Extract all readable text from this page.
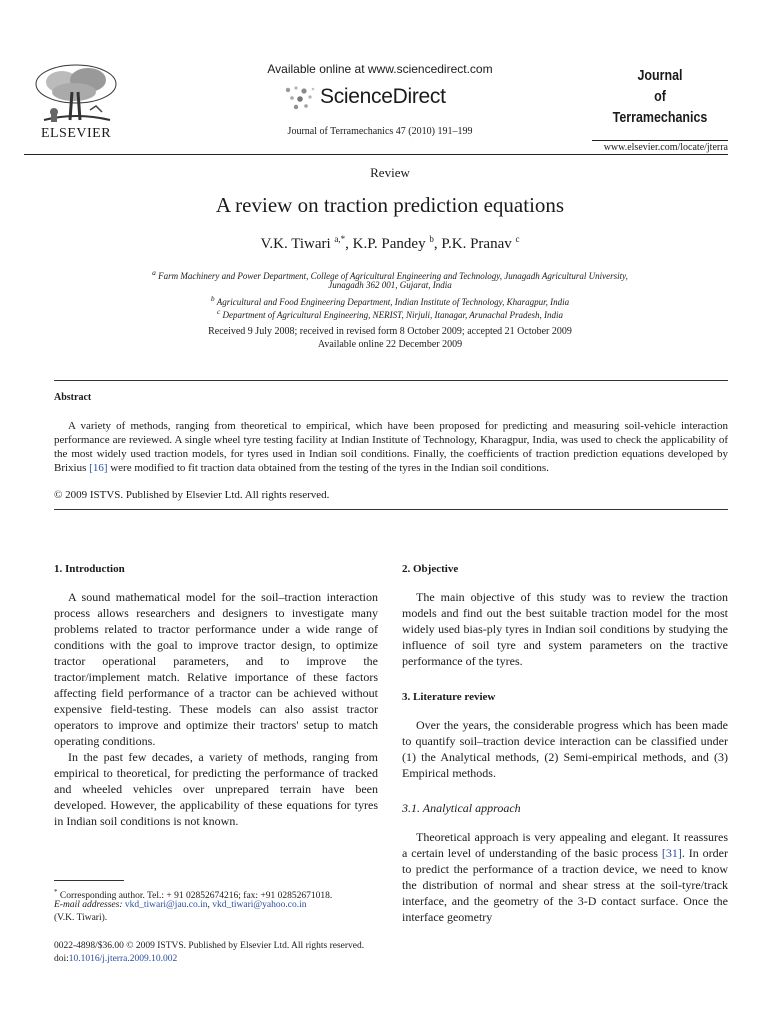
ELSEVIER
Available online at www.sciencedirect.com
ScienceDirect
Journal of Terramechanics 47 (2010) 191–199
Journal
of
Terramechanics
www.elsevier.com/locate/jterra
Review
A review on traction prediction equations
V.K. Tiwari $^{a,*}$, K.P. Pandey $^b$, P.K. Pranav $^c$
$^a$ Farm Machinery and Power Department, College of Agricultural Engineering and Technology, Junagadh Agricultural University,
Junagadh 362 001, Gujarat, India
$^b$ Agricultural and Food Engineering Department, Indian Institute of Technology, Kharagpur, India
$^c$ Department of Agricultural Engineering, NERIST, Nirjuli, Itanagar, Arunachal Pradesh, India
Received 9 July 2008; received in revised form 8 October 2009; accepted 21 October 2009
Available online 22 December 2009
Abstract
A variety of methods, ranging from theoretical to empirical, which have been proposed for predicting and measuring soil-vehicle interaction performance are reviewed. A single wheel tyre testing facility at Indian Institute of Technology, Kharagpur, India, was used to check the applicability of the most widely used traction models, for tyres used in Indian soil conditions. Finally, the coefficients of traction prediction equations developed by Brixius [16] were modified to fit traction data obtained from the testing of the tyres in the Indian soil conditions.
© 2009 ISTVS. Published by Elsevier Ltd. All rights reserved.
1. Introduction

A sound mathematical model for the soil–traction interaction process allows researchers and designers to investigate many problems related to tractor performance under a wide range of conditions with the goal to improve tractor design, to optimize tractor operational parameters, and to improve the tractor/implement match. Relative importance of these factors affecting field performance of a tractor can be achieved without expensive field-testing. These models can also assist tractor operators to improve and optimize their tractors' setup to match operating conditions.

In the past few decades, a variety of methods, ranging from empirical to theoretical, for predicting the performance of tracked and wheeled vehicles over unprepared terrain have been developed. However, the applicability of these equations for tyres in Indian soil conditions is not known.

2. Objective

The main objective of this study was to review the traction models and find out the best suitable traction model for the most widely used bias-ply tyres in Indian soil conditions by studying the influence of soil tyre and system parameters on the tractive performance of the tyres.

3. Literature review

Over the years, the considerable progress which has been made to quantify soil–traction device interaction can be classified under (1) the Analytical methods, (2) Semi-empirical methods, and (3) Empirical methods.

3.1. Analytical approach

Theoretical approach is very appealing and elegant. It reassures a certain level of understanding of the basic process [31]. In order to predict the performance of a traction device, we need to know the distribution of normal and shear stress at the soil-tyre/track interface, and the geometry of the 3-D contact surface. Once the interface geometry

* Corresponding author. Tel.: + 91 02852674216; fax: +91 02852671018.
E-mail addresses: vkd_tiwari@jau.co.in, vkd_tiwari@yahoo.co.in
(V.K. Tiwari).
0022-4898/$36.00 © 2009 ISTVS. Published by Elsevier Ltd. All rights reserved.
doi:10.1016/j.jterra.2009.10.002
